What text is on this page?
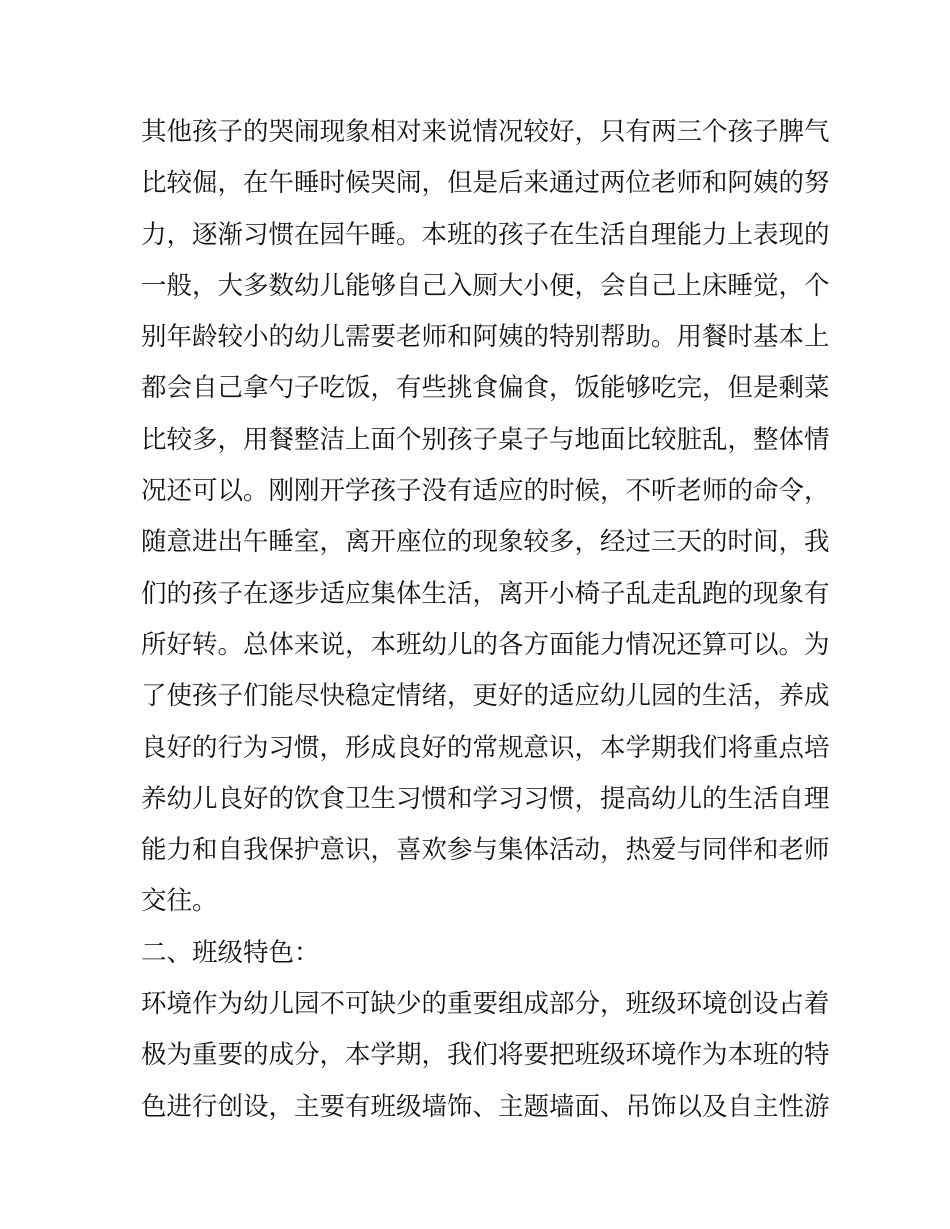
其他孩子的哭闹现象相对来说情况较好，只有两三个孩子脾气
比较倔，在午睡时候哭闹，但是后来通过两位老师和阿姨的努
力，逐渐习惯在园午睡。本班的孩子在生活自理能力上表现的
一般，大多数幼儿能够自己入厕大小便，会自己上床睡觉，个
别年龄较小的幼儿需要老师和阿姨的特别帮助。用餐时基本上
都会自己拿勺子吃饭，有些挑食偏食，饭能够吃完，但是剩菜
比较多，用餐整洁上面个别孩子桌子与地面比较脏乱，整体情
况还可以。刚刚开学孩子没有适应的时候，不听老师的命令，
随意进出午睡室，离开座位的现象较多，经过三天的时间，我
们的孩子在逐步适应集体生活，离开小椅子乱走乱跑的现象有
所好转。总体来说，本班幼儿的各方面能力情况还算可以。为
了使孩子们能尽快稳定情绪，更好的适应幼儿园的生活，养成
良好的行为习惯，形成良好的常规意识，本学期我们将重点培
养幼儿良好的饮食卫生习惯和学习习惯，提高幼儿的生活自理
能力和自我保护意识，喜欢参与集体活动，热爱与同伴和老师
交往。
二、班级特色：
环境作为幼儿园不可缺少的重要组成部分，班级环境创设占着
极为重要的成分，本学期，我们将要把班级环境作为本班的特
色进行创设，主要有班级墙饰、主题墙面、吊饰以及自主性游
